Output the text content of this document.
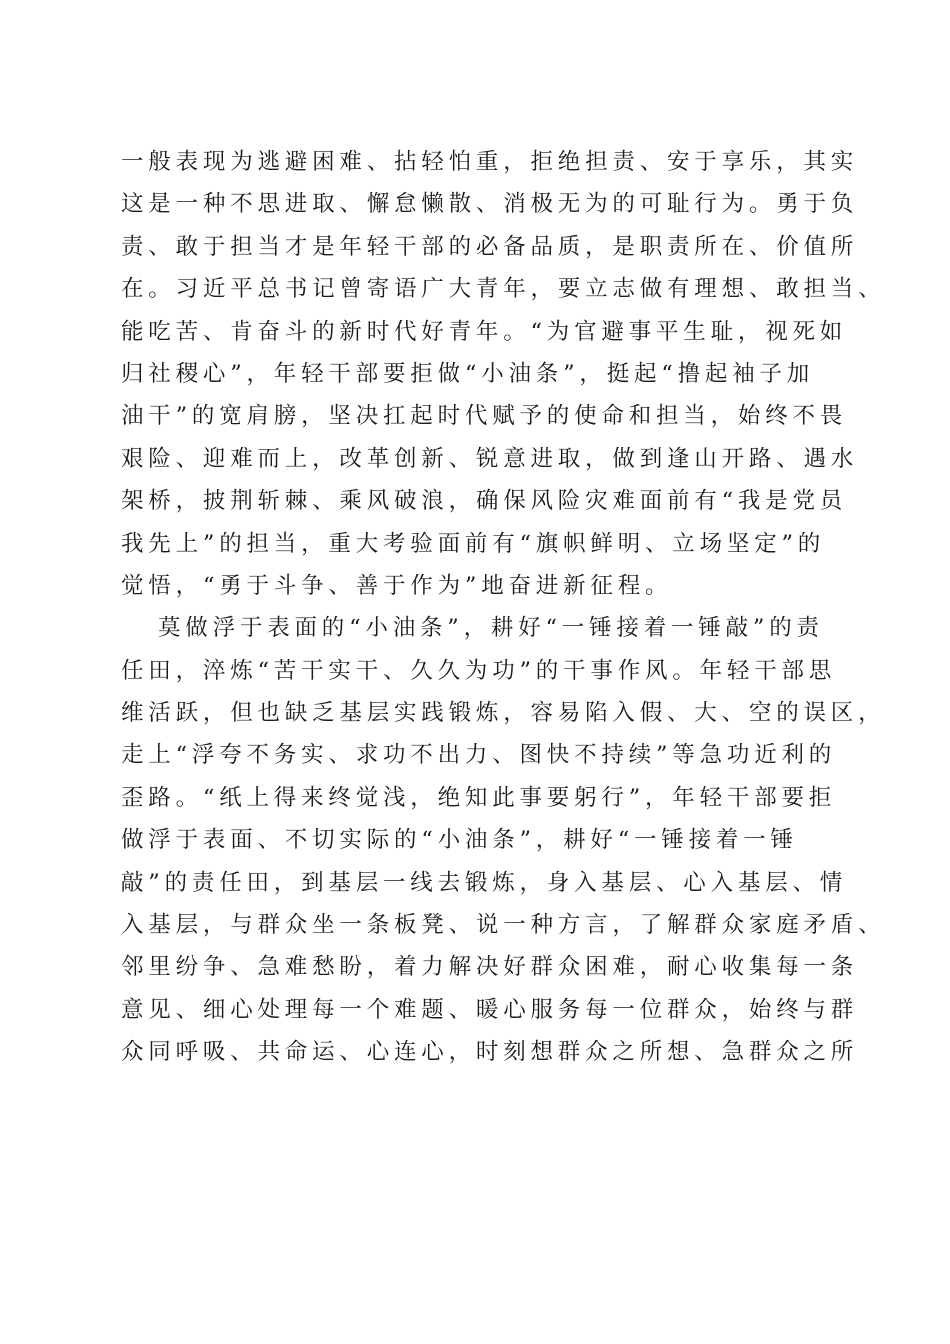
一般表现为逃避困难、拈轻怕重，拒绝担责、安于享乐，其实
这是一种不思进取、懈怠懒散、消极无为的可耻行为。勇于负
责、敢于担当才是年轻干部的必备品质，是职责所在、价值所
在。习近平总书记曾寄语广大青年，要立志做有理想、敢担当、
能吃苦、肯奋斗的新时代好青年。“为官避事平生耻，视死如
归社稷心”，年轻干部要拒做“小油条”，挺起“撸起袖子加
油干”的宽肩膀，坚决扛起时代赋予的使命和担当，始终不畏
艰险、迎难而上，改革创新、锐意进取，做到逢山开路、遇水
架桥，披荆斩棘、乘风破浪，确保风险灾难面前有“我是党员
我先上”的担当，重大考验面前有“旗帜鲜明、立场坚定”的
觉悟，“勇于斗争、善于作为”地奋进新征程。
莫做浮于表面的“小油条”，耕好“一锤接着一锤敲”的责
任田，淬炼“苦干实干、久久为功”的干事作风。年轻干部思
维活跃，但也缺乏基层实践锻炼，容易陷入假、大、空的误区，
走上“浮夸不务实、求功不出力、图快不持续”等急功近利的
歪路。“纸上得来终觉浅，绝知此事要躬行”，年轻干部要拒
做浮于表面、不切实际的“小油条”，耕好“一锤接着一锤
敲”的责任田，到基层一线去锻炼，身入基层、心入基层、情
入基层，与群众坐一条板凳、说一种方言，了解群众家庭矛盾、
邻里纷争、急难愁盼，着力解决好群众困难，耐心收集每一条
意见、细心处理每一个难题、暖心服务每一位群众，始终与群
众同呼吸、共命运、心连心，时刻想群众之所想、急群众之所
